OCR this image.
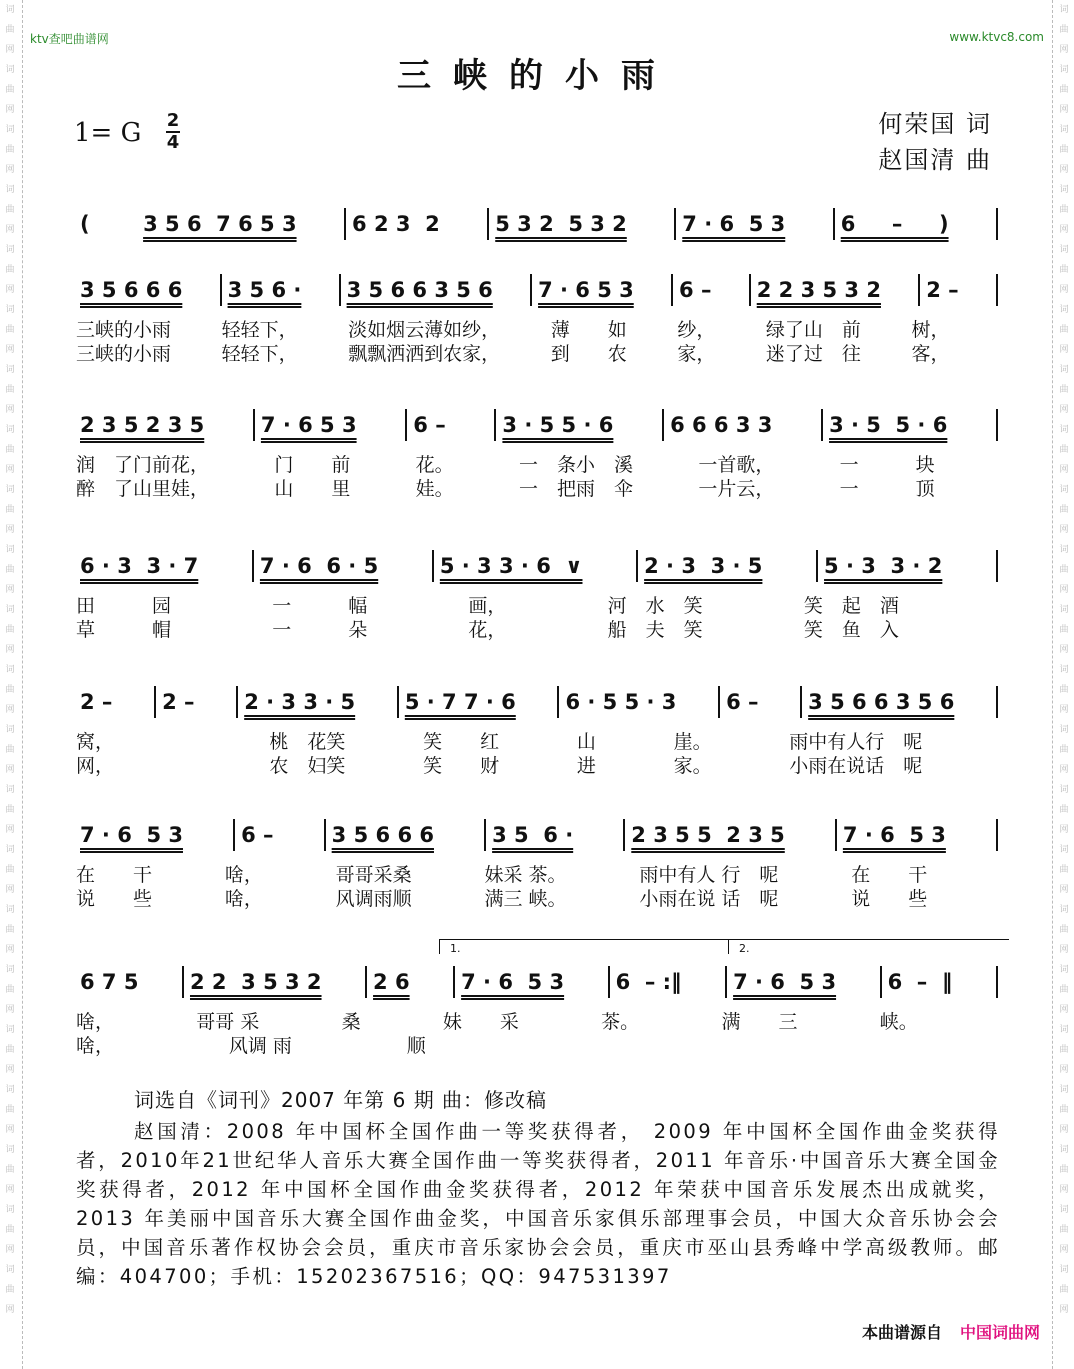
词曲网词曲网词曲网词曲网词曲网词曲网词曲网词曲网词曲网词曲网词曲网词曲网词曲网词曲网词曲网词曲网词曲网词曲网词曲网词曲网词曲网词曲网
词曲网词曲网词曲网词曲网词曲网词曲网词曲网词曲网词曲网词曲网词曲网词曲网词曲网词曲网词曲网词曲网词曲网词曲网词曲网词曲网词曲网词曲网
ktv查吧曲谱网	www.ktvc8.com
三峡的小雨
1= G 2
4
何荣国 词
赵国清 曲
(	3 5 6  7 6 5 3	6 2 3  2	5 3 2  5 3 2	7 · 6  5 3	6     –     )
3 5 6 6 6	3 5 6 ·	3 5 6 6 3 5 6	7 · 6 5 3	6 –	2 2 3 5 3 2	2 –
三峡的小雨	轻轻下，	淡如烟云薄如纱，	薄　　如	纱，	绿了山　前	树，
三峡的小雨	轻轻下，	飘飘洒洒到农家，	到　　农	家，	迷了过　往	客，
2 3 5 2 3 5	7 · 6 5 3	6 –	3 · 5 5 · 6	6 6 6 3 3	3 · 5  5 · 6
润　了门前花，	门　　前	花。	一　条小　溪	一首歌，	一　　　块
醉　了山里娃，	山　　里	娃。	一　把雨　伞	一片云，	一　　　顶
6 · 3  3 · 7	7 · 6  6 · 5	5 · 3 3 · 6  ∨	2 · 3  3 · 5	5 · 3  3 · 2
田　　　园	一　　　幅	画，	河　水　笑	笑　起　酒
草　　　帽	一　　　朵	花，	船　夫　笑	笑　鱼　入
2 –	2 –	2 · 3 3 · 5	5 · 7 7 · 6	6 · 5 5 · 3	6 –	3 5 6 6 3 5 6
窝，	桃　花笑	笑　　红	山	崖。	雨中有人行　呢
网，	农　妇笑	笑　　财	进	家。	小雨在说话　呢
7 · 6  5 3	6 –	3 5 6 6 6	3 5  6 ·	2 3 5 5  2 3 5	7 · 6  5 3
在　　干	啥，	哥哥采桑	妹采 茶。	雨中有人 行　呢	在　　干
说　　些	啥，	风调雨顺	满三 峡。	小雨在说 话　呢	说　　些
6 7 5	2 2  3 5 3 2	2 6	7 · 6  5 3	6  – :‖	7 · 6  5 3	6  –  ‖
啥，	哥哥 采	桑	妹　　采	茶。	满　　三	峡。
啥，	风调 雨	顺
1.	2.
词选自《词刊》2007 年第 6 期 曲：修改稿
赵国清：2008 年中国杯全国作曲一等奖获得者， 2009 年中国杯全国作曲金奖获得者，2010年21世纪华人音乐大赛全国作曲一等奖获得者，2011 年音乐·中国音乐大赛全国金奖获得者，2012 年中国杯全国作曲金奖获得者，2012 年荣获中国音乐发展杰出成就奖，2013 年美丽中国音乐大赛全国作曲金奖，中国音乐家俱乐部理事会员，中国大众音乐协会会员，中国音乐著作权协会会员，重庆市音乐家协会会员，重庆市巫山县秀峰中学高级教师。邮编：404700；手机：15202367516；QQ：947531397
本曲谱源自 中国词曲网
